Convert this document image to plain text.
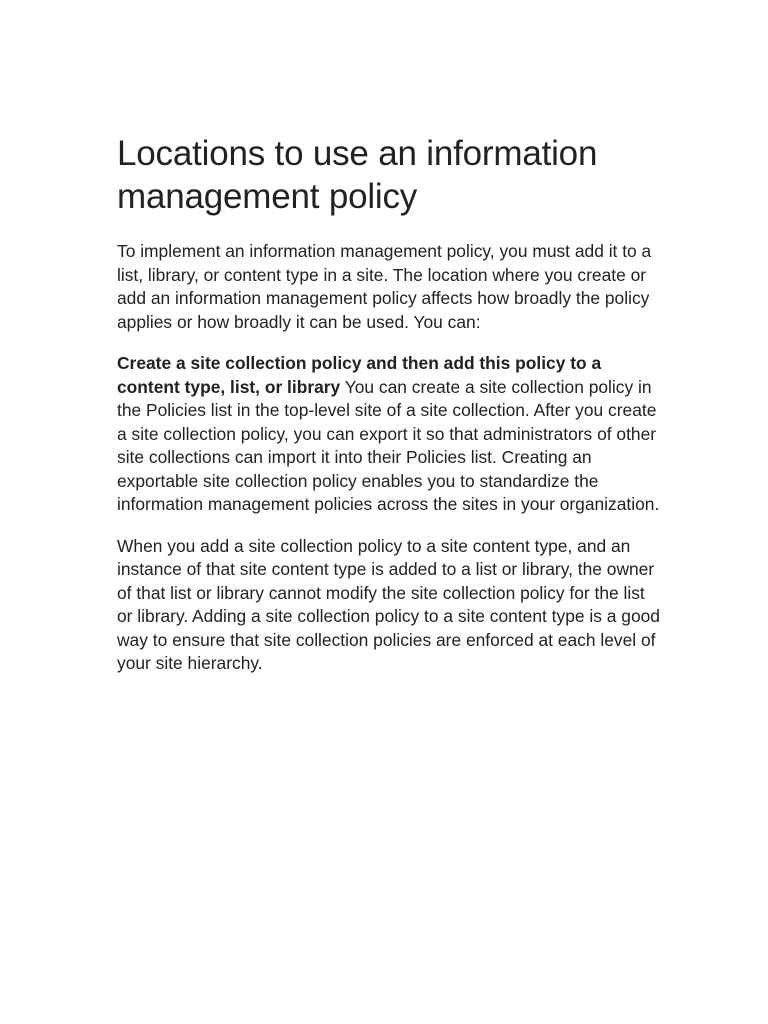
Locations to use an information management policy

To implement an information management policy, you must add it to a list, library, or content type in a site. The location where you create or add an information management policy affects how broadly the policy applies or how broadly it can be used. You can:

Create a site collection policy and then add this policy to a content type, list, or library You can create a site collection policy in the Policies list in the top-level site of a site collection. After you create a site collection policy, you can export it so that administrators of other site collections can import it into their Policies list. Creating an exportable site collection policy enables you to standardize the information management policies across the sites in your organization.

When you add a site collection policy to a site content type, and an instance of that site content type is added to a list or library, the owner of that list or library cannot modify the site collection policy for the list or library. Adding a site collection policy to a site content type is a good way to ensure that site collection policies are enforced at each level of your site hierarchy.
